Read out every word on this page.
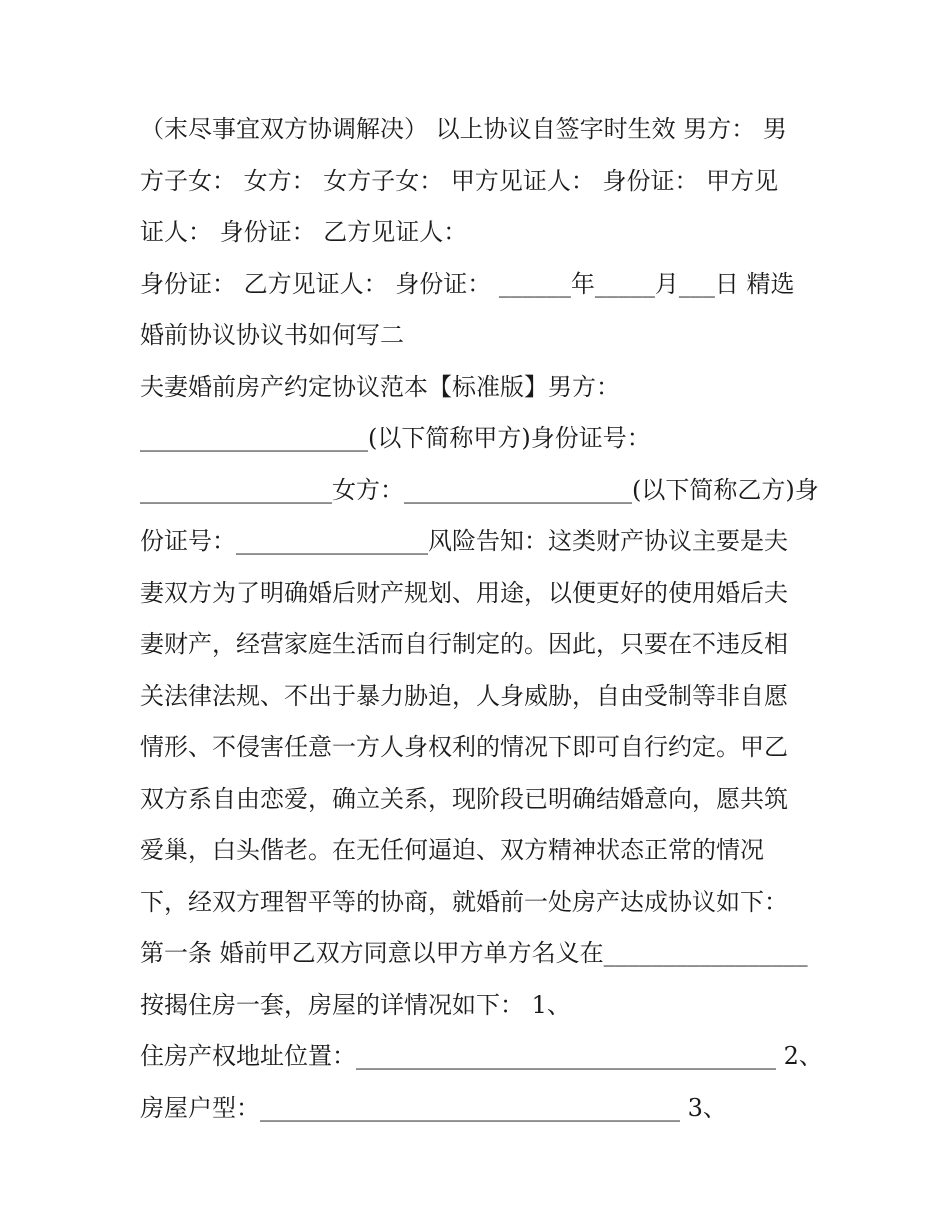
（末尽事宜双方协调解决） 以上协议自签字时生效 男方： 男
方子女： 女方： 女方子女： 甲方见证人： 身份证： 甲方见
证人： 身份证： 乙方见证人：
身份证： 乙方见证人： 身份证： ______年_____月___日 精选
婚前协议协议书如何写二
夫妻婚前房产约定协议范本【标准版】男方：
___________________(以下简称甲方)身份证号：
________________女方：___________________(以下简称乙方)身
份证号：________________风险告知：这类财产协议主要是夫
妻双方为了明确婚后财产规划、用途，以便更好的使用婚后夫
妻财产，经营家庭生活而自行制定的。因此，只要在不违反相
关法律法规、不出于暴力胁迫，人身威胁，自由受制等非自愿
情形、不侵害任意一方人身权利的情况下即可自行约定。甲乙
双方系自由恋爱，确立关系，现阶段已明确结婚意向，愿共筑
爱巢，白头偕老。在无任何逼迫、双方精神状态正常的情况
下，经双方理智平等的协商，就婚前一处房产达成协议如下：
第一条 婚前甲乙双方同意以甲方单方名义在_________________
按揭住房一套，房屋的详情况如下： 1、
住房产权地址位置：___________________________________ 2、
房屋户型：___________________________________ 3、
